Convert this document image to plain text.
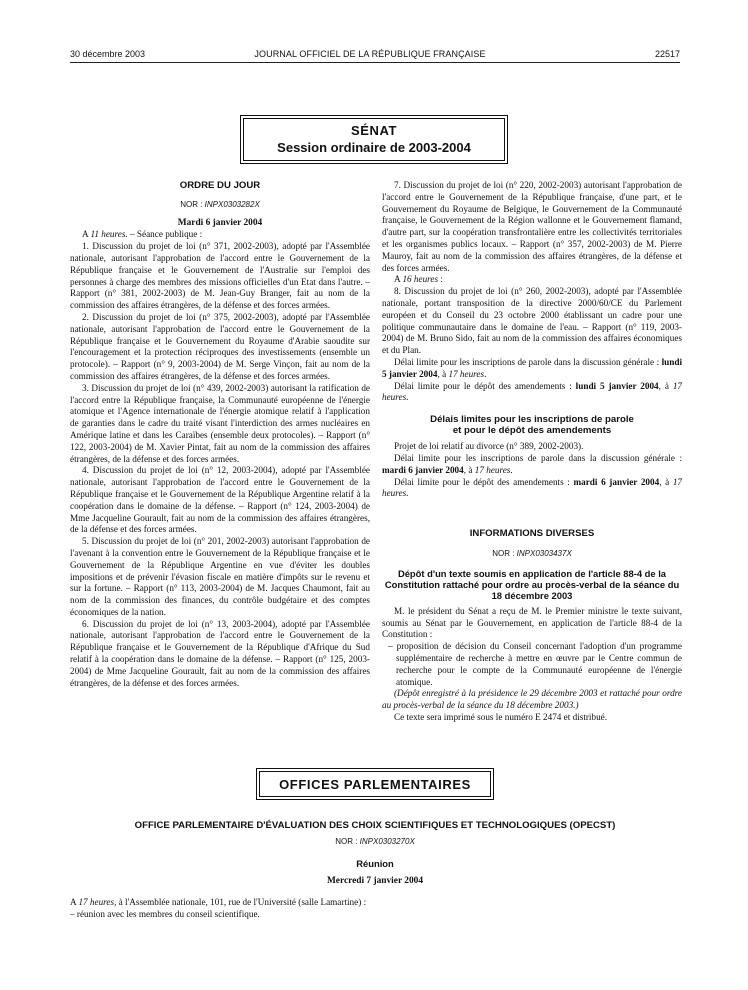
30 décembre 2003	JOURNAL OFFICIEL DE LA RÉPUBLIQUE FRANÇAISE	22517
SÉNAT
Session ordinaire de 2003-2004
ORDRE DU JOUR
NOR : INPX0303282X
Mardi 6 janvier 2004

A 11 heures. – Séance publique :

1. Discussion du projet de loi (n° 371, 2002-2003), adopté par l'Assemblée nationale, autorisant l'approbation de l'accord entre le Gouvernement de la République française et le Gouvernement de l'Australie sur l'emploi des personnes à charge des membres des missions officielles d'un Etat dans l'autre. – Rapport (n° 381, 2002-2003) de M. Jean-Guy Branger, fait au nom de la commission des affaires étrangères, de la défense et des forces armées.

2. Discussion du projet de loi (n° 375, 2002-2003), adopté par l'Assemblée nationale, autorisant l'approbation de l'accord entre le Gouvernement de la République française et le Gouvernement du Royaume d'Arabie saoudite sur l'encouragement et la protection réciproques des investissements (ensemble un protocole). – Rapport (n° 9, 2003-2004) de M. Serge Vinçon, fait au nom de la commission des affaires étrangères, de la défense et des forces armées.

3. Discussion du projet de loi (n° 439, 2002-2003) autorisant la ratification de l'accord entre la République française, la Communauté européenne de l'énergie atomique et l'Agence internationale de l'énergie atomique relatif à l'application de garanties dans le cadre du traité visant l'interdiction des armes nucléaires en Amérique latine et dans les Caraïbes (ensemble deux protocoles). – Rapport (n° 122, 2003-2004) de M. Xavier Pintat, fait au nom de la commission des affaires étrangères, de la défense et des forces armées.

4. Discussion du projet de loi (n° 12, 2003-2004), adopté par l'Assemblée nationale, autorisant l'approbation de l'accord entre le Gouvernement de la République française et le Gouvernement de la République Argentine relatif à la coopération dans le domaine de la défense. – Rapport (n° 124, 2003-2004) de Mme Jacqueline Gourault, fait au nom de la commission des affaires étrangères, de la défense et des forces armées.

5. Discussion du projet de loi (n° 201, 2002-2003) autorisant l'approbation de l'avenant à la convention entre le Gouvernement de la République française et le Gouvernement de la République Argentine en vue d'éviter les doubles impositions et de prévenir l'évasion fiscale en matière d'impôts sur le revenu et sur la fortune. – Rapport (n° 113, 2003-2004) de M. Jacques Chaumont, fait au nom de la commission des finances, du contrôle budgétaire et des comptes économiques de la nation.

6. Discussion du projet de loi (n° 13, 2003-2004), adopté par l'Assemblée nationale, autorisant l'approbation de l'accord entre le Gouvernement de la République française et le Gouvernement de la République d'Afrique du Sud relatif à la coopération dans le domaine de la défense. – Rapport (n° 125, 2003-2004) de Mme Jacqueline Gourault, fait au nom de la commission des affaires étrangères, de la défense et des forces armées.

7. Discussion du projet de loi (n° 220, 2002-2003) autorisant l'approbation de l'accord entre le Gouvernement de la République française, d'une part, et le Gouvernement du Royaume de Belgique, le Gouvernement de la Communauté française, le Gouvernement de la Région wallonne et le Gouvernement flamand, d'autre part, sur la coopération transfrontalière entre les collectivités territoriales et les organismes publics locaux. – Rapport (n° 357, 2002-2003) de M. Pierre Mauroy, fait au nom de la commission des affaires étrangères, de la défense et des forces armées.

A 16 heures :

8. Discussion du projet de loi (n° 260, 2002-2003), adopté par l'Assemblée nationale, portant transposition de la directive 2000/60/CE du Parlement européen et du Conseil du 23 octobre 2000 établissant un cadre pour une politique communautaire dans le domaine de l'eau. – Rapport (n° 119, 2003-2004) de M. Bruno Sido, fait au nom de la commission des affaires économiques et du Plan.

Délai limite pour les inscriptions de parole dans la discussion générale : lundi 5 janvier 2004, à 17 heures.

Délai limite pour le dépôt des amendements : lundi 5 janvier 2004, à 17 heures.

Délais limites pour les inscriptions de parole
et pour le dépôt des amendements

Projet de loi relatif au divorce (n° 389, 2002-2003).

Délai limite pour les inscriptions de parole dans la discussion générale : mardi 6 janvier 2004, à 17 heures.

Délai limite pour le dépôt des amendements : mardi 6 janvier 2004, à 17 heures.

INFORMATIONS DIVERSES
NOR : INPX0303437X
Dépôt d'un texte soumis en application de l'article 88-4 de la Constitution rattaché pour ordre au procès-verbal de la séance du 18 décembre 2003

M. le président du Sénat a reçu de M. le Premier ministre le texte suivant, soumis au Sénat par le Gouvernement, en application de l'article 88-4 de la Constitution :

– proposition de décision du Conseil concernant l'adoption d'un programme supplémentaire de recherche à mettre en œuvre par le Centre commun de recherche pour le compte de la Communauté européenne de l'énergie atomique.

(Dépôt enregistré à la présidence le 29 décembre 2003 et rattaché pour ordre au procès-verbal de la séance du 18 décembre 2003.)

Ce texte sera imprimé sous le numéro E 2474 et distribué.

OFFICES PARLEMENTAIRES
OFFICE PARLEMENTAIRE D'ÉVALUATION DES CHOIX SCIENTIFIQUES ET TECHNOLOGIQUES (OPECST)
NOR : INPX0303270X
Réunion
Mercredi 7 janvier 2004

A 17 heures, à l'Assemblée nationale, 101, rue de l'Université (salle Lamartine) :

– réunion avec les membres du conseil scientifique.
